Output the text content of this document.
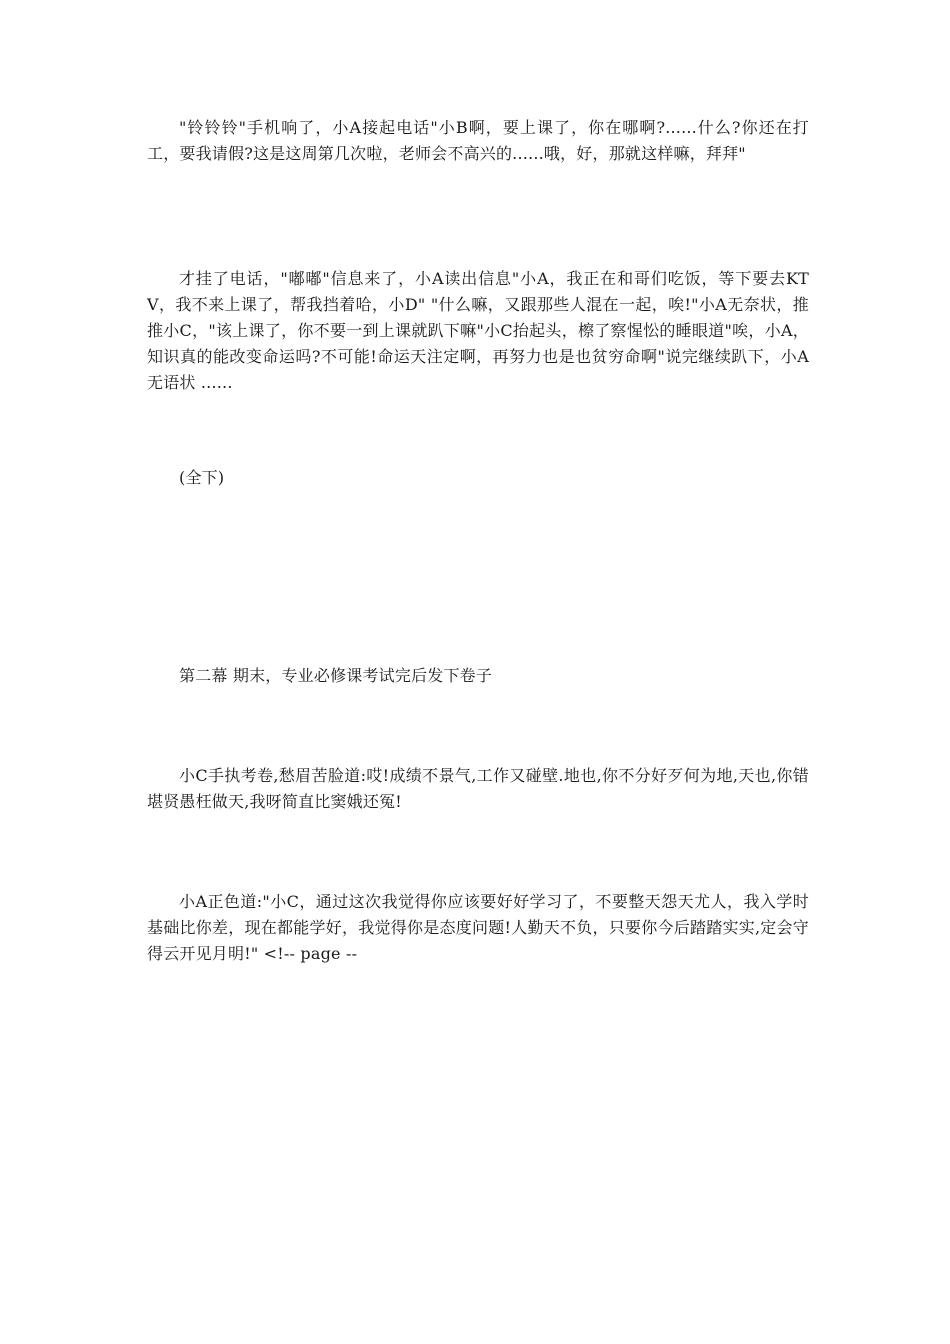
"铃铃铃"手机响了，小A接起电话"小B啊，要上课了，你在哪啊?......什么?你还在打工，要我请假?这是这周第几次啦，老师会不高兴的......哦，好，那就这样嘛，拜拜"

才挂了电话，"嘟嘟"信息来了，小A读出信息"小A，我正在和哥们吃饭，等下要去KTV，我不来上课了，帮我挡着哈，小D" "什么嘛，又跟那些人混在一起，唉!"小A无奈状，推推小C，"该上课了，你不要一到上课就趴下嘛"小C抬起头，檫了察惺忪的睡眼道"唉，小A，知识真的能改变命运吗?不可能!命运天注定啊，再努力也是也贫穷命啊"说完继续趴下，小A 无语状 ......

(全下)

第二幕 期末，专业必修课考试完后发下卷子

小C手执考卷,愁眉苦脸道:哎!成绩不景气,工作又碰壁.地也,你不分好歹何为地,天也,你错堪贤愚枉做天,我呀简直比窦娥还冤!

小A正色道:"小C，通过这次我觉得你应该要好好学习了，不要整天怨天尤人，我入学时基础比你差，现在都能学好，我觉得你是态度问题!人勤天不负，只要你今后踏踏实实,定会守得云开见月明!" <!-- page --
